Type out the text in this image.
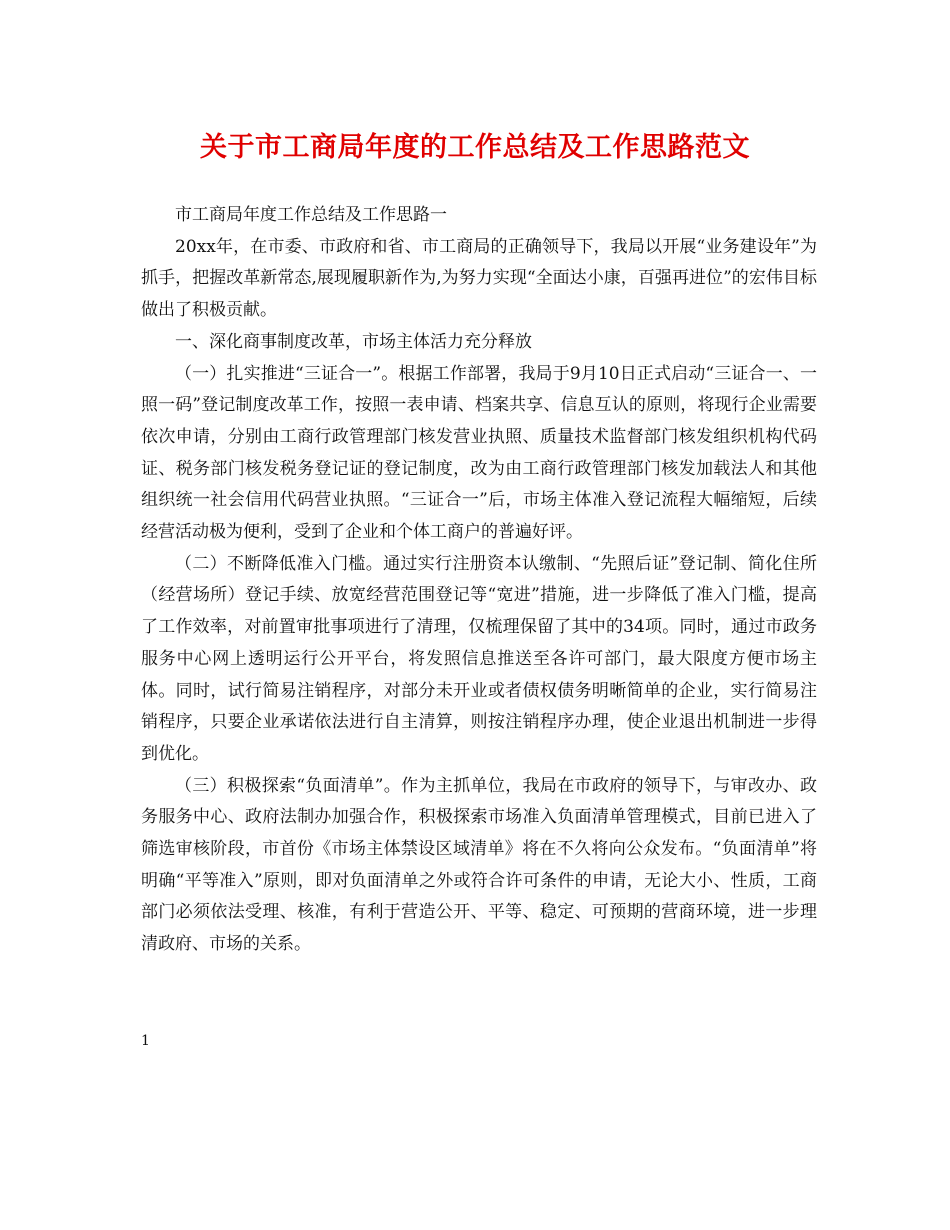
关于市工商局年度的工作总结及工作思路范文

市工商局年度工作总结及工作思路一

20xx年，在市委、市政府和省、市工商局的正确领导下，我局以开展“业务建设年”为抓手，把握改革新常态,展现履职新作为,为努力实现“全面达小康，百强再进位”的宏伟目标做出了积极贡献。

一、深化商事制度改革，市场主体活力充分释放

（一）扎实推进“三证合一”。根据工作部署，我局于9月10日正式启动“三证合一、一照一码”登记制度改革工作，按照一表申请、档案共享、信息互认的原则，将现行企业需要依次申请，分别由工商行政管理部门核发营业执照、质量技术监督部门核发组织机构代码证、税务部门核发税务登记证的登记制度，改为由工商行政管理部门核发加载法人和其他组织统一社会信用代码营业执照。“三证合一”后，市场主体准入登记流程大幅缩短，后续经营活动极为便利，受到了企业和个体工商户的普遍好评。

（二）不断降低准入门槛。通过实行注册资本认缴制、“先照后证”登记制、简化住所（经营场所）登记手续、放宽经营范围登记等“宽进”措施，进一步降低了准入门槛，提高了工作效率，对前置审批事项进行了清理，仅梳理保留了其中的34项。同时，通过市政务服务中心网上透明运行公开平台，将发照信息推送至各许可部门，最大限度方便市场主体。同时，试行简易注销程序，对部分未开业或者债权债务明晰简单的企业，实行简易注销程序，只要企业承诺依法进行自主清算，则按注销程序办理，使企业退出机制进一步得到优化。

（三）积极探索“负面清单”。作为主抓单位，我局在市政府的领导下，与审改办、政务服务中心、政府法制办加强合作，积极探索市场准入负面清单管理模式，目前已进入了筛选审核阶段，市首份《市场主体禁设区域清单》将在不久将向公众发布。“负面清单”将明确“平等准入”原则，即对负面清单之外或符合许可条件的申请，无论大小、性质，工商部门必须依法受理、核准，有利于营造公开、平等、稳定、可预期的营商环境，进一步理清政府、市场的关系。

1
